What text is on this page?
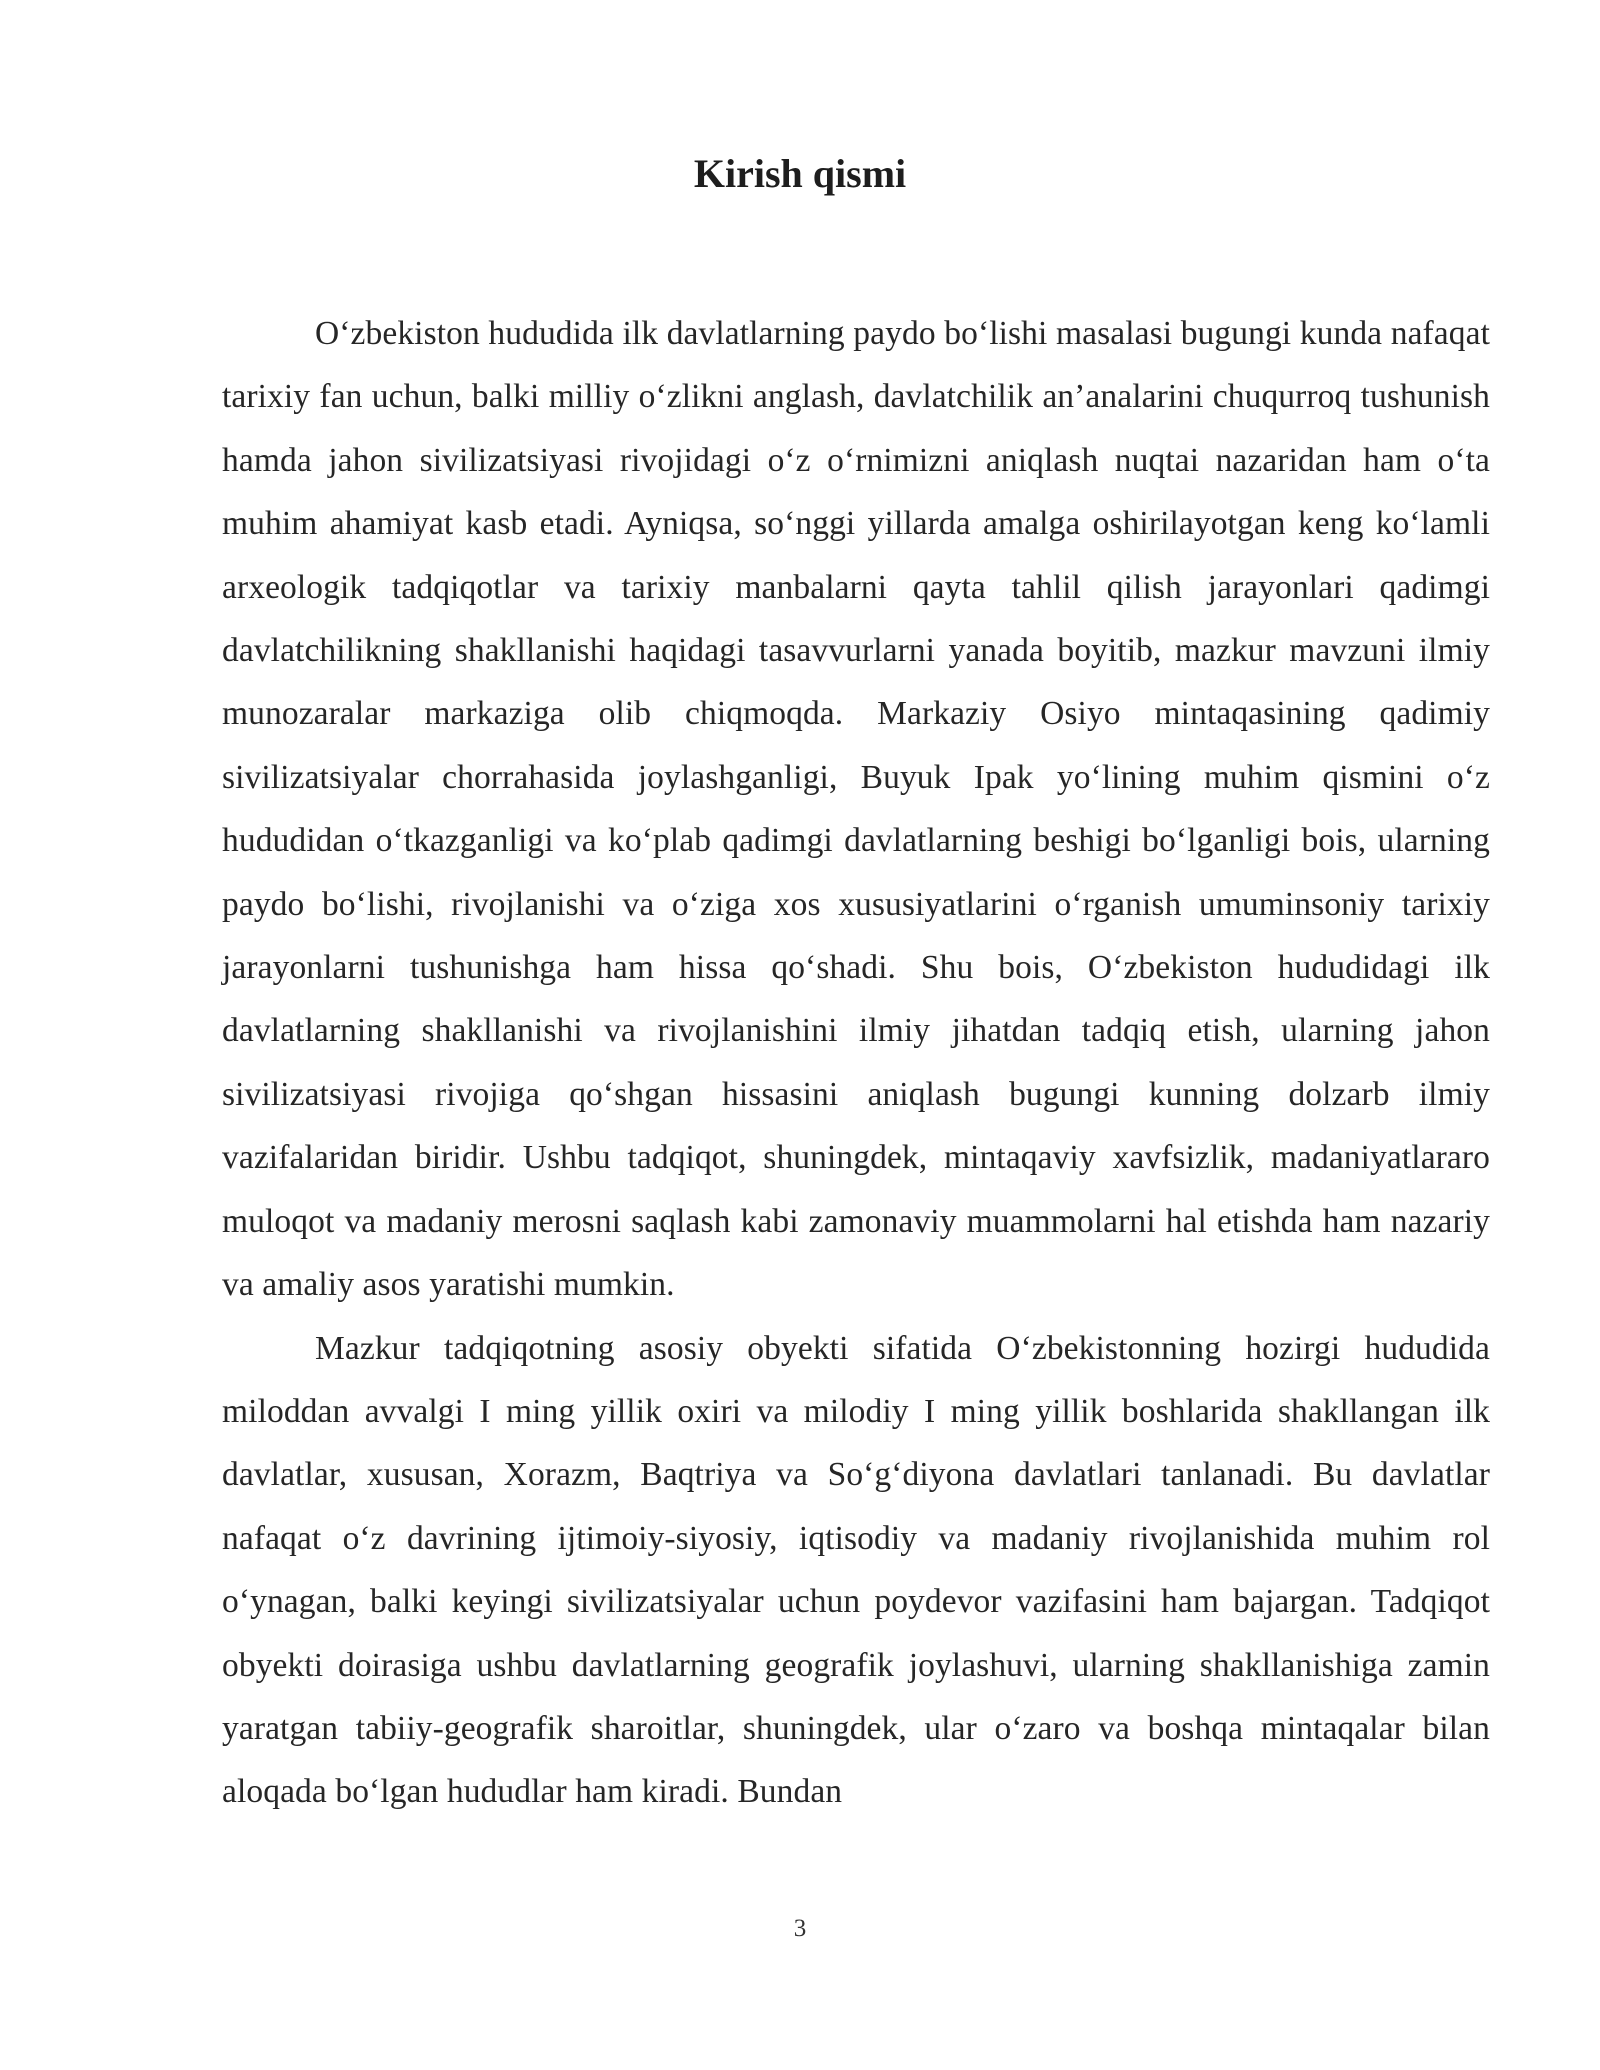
Kirish qismi

O‘zbekiston hududida ilk davlatlarning paydo bo‘lishi masalasi bugungi kunda nafaqat tarixiy fan uchun, balki milliy o‘zlikni anglash, davlatchilik an’analarini chuqurroq tushunish hamda jahon sivilizatsiyasi rivojidagi o‘z o‘rnimizni aniqlash nuqtai nazaridan ham o‘ta muhim ahamiyat kasb etadi. Ayniqsa, so‘nggi yillarda amalga oshirilayotgan keng ko‘lamli arxeologik tadqiqotlar va tarixiy manbalarni qayta tahlil qilish jarayonlari qadimgi davlatchilikning shakllanishi haqidagi tasavvurlarni yanada boyitib, mazkur mavzuni ilmiy munozaralar markaziga olib chiqmoqda. Markaziy Osiyo mintaqasining qadimiy sivilizatsiyalar chorrahasida joylashganligi, Buyuk Ipak yo‘lining muhim qismini o‘z hududidan o‘tkazganligi va ko‘plab qadimgi davlatlarning beshigi bo‘lganligi bois, ularning paydo bo‘lishi, rivojlanishi va o‘ziga xos xususiyatlarini o‘rganish umuminsoniy tarixiy jarayonlarni tushunishga ham hissa qo‘shadi. Shu bois, O‘zbekiston hududidagi ilk davlatlarning shakllanishi va rivojlanishini ilmiy jihatdan tadqiq etish, ularning jahon sivilizatsiyasi rivojiga qo‘shgan hissasini aniqlash bugungi kunning dolzarb ilmiy vazifalaridan biridir. Ushbu tadqiqot, shuningdek, mintaqaviy xavfsizlik, madaniyatlararo muloqot va madaniy merosni saqlash kabi zamonaviy muammolarni hal etishda ham nazariy va amaliy asos yaratishi mumkin.

Mazkur tadqiqotning asosiy obyekti sifatida O‘zbekistonning hozirgi hududida miloddan avvalgi I ming yillik oxiri va milodiy I ming yillik boshlarida shakllangan ilk davlatlar, xususan, Xorazm, Baqtriya va So‘g‘diyona davlatlari tanlanadi. Bu davlatlar nafaqat o‘z davrining ijtimoiy-siyosiy, iqtisodiy va madaniy rivojlanishida muhim rol o‘ynagan, balki keyingi sivilizatsiyalar uchun poydevor vazifasini ham bajargan. Tadqiqot obyekti doirasiga ushbu davlatlarning geografik joylashuvi, ularning shakllanishiga zamin yaratgan tabiiy-geografik sharoitlar, shuningdek, ular o‘zaro va boshqa mintaqalar bilan aloqada bo‘lgan hududlar ham kiradi. Bundan

3
